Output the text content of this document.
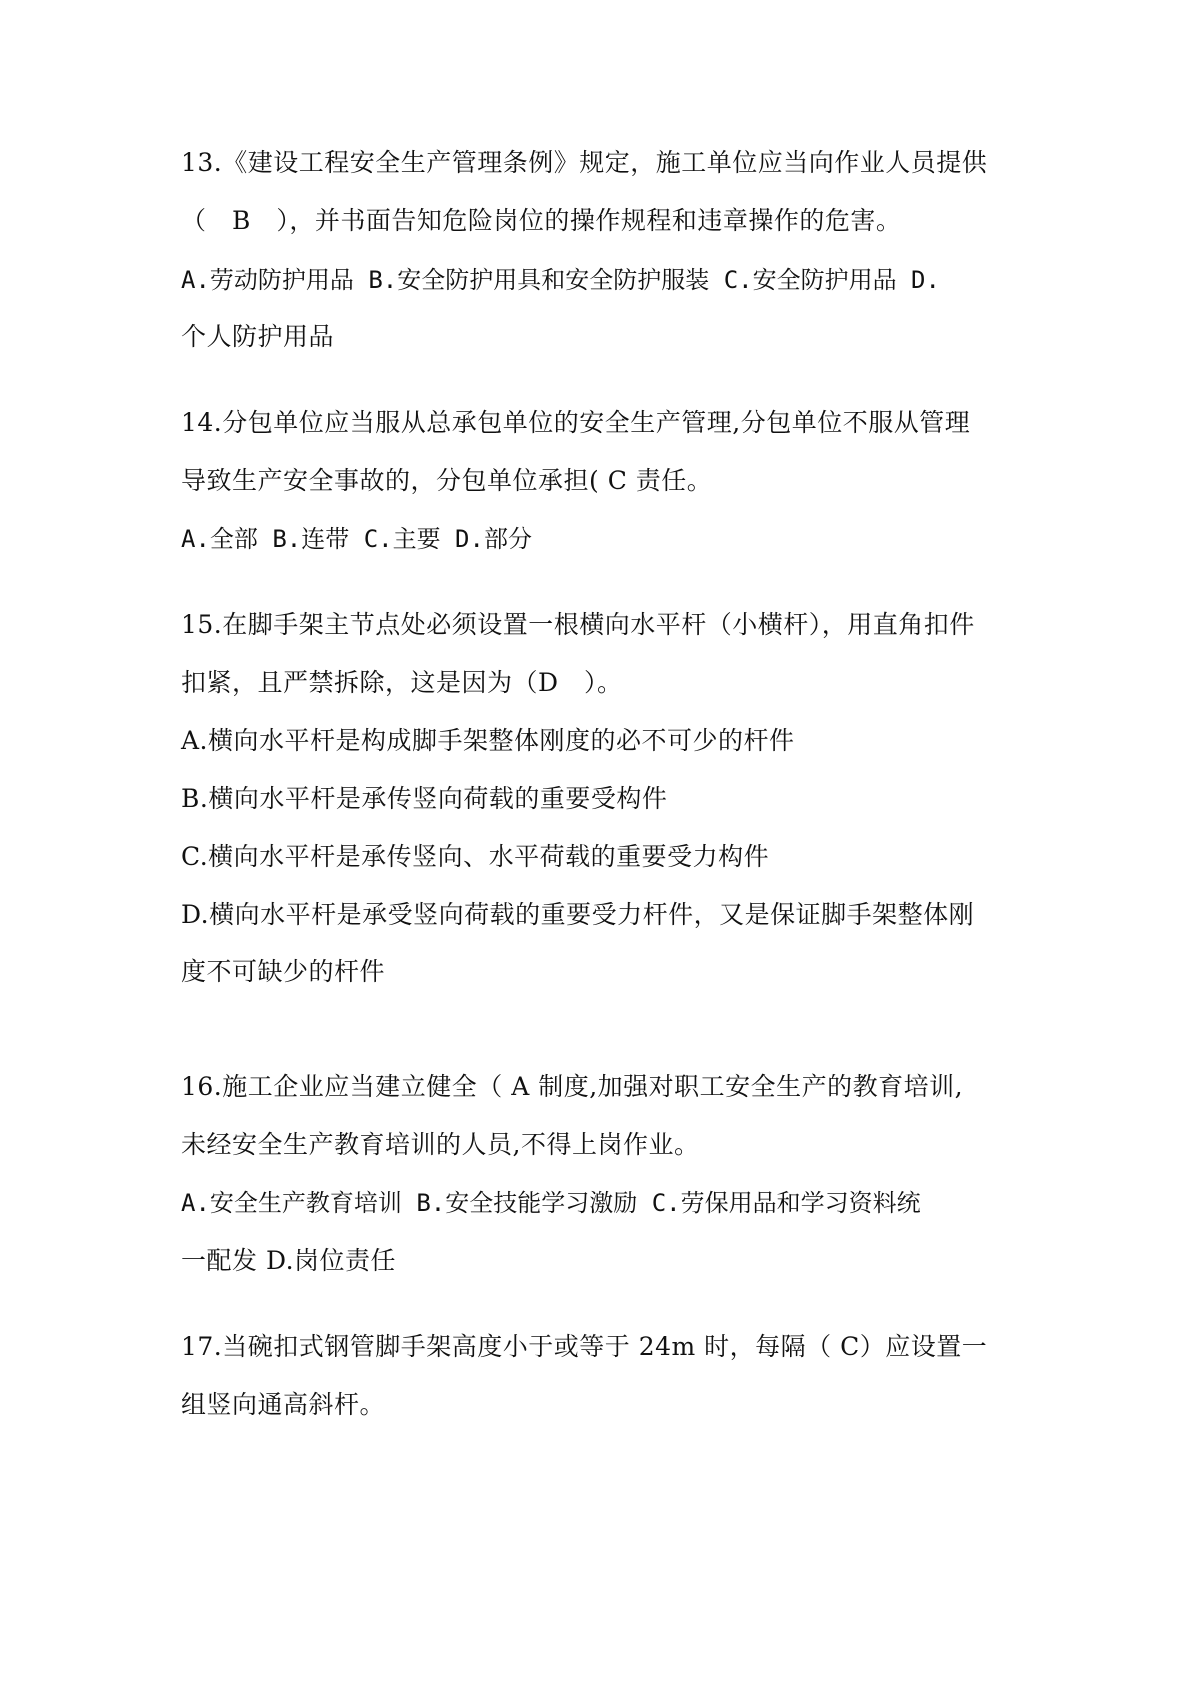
13.《建设工程安全生产管理条例》规定，施工单位应当向作业人员提供
（　B　），并书面告知危险岗位的操作规程和违章操作的危害。
A.劳动防护用品 B.安全防护用具和安全防护服装 C.安全防护用品 D.
个人防护用品
14.分包单位应当服从总承包单位的安全生产管理,分包单位不服从管理
导致生产安全事故的，分包单位承担( C 责任。
A.全部 B.连带 C.主要 D.部分
15.在脚手架主节点处必须设置一根横向水平杆（小横杆），用直角扣件
扣紧，且严禁拆除，这是因为（D　）。
A.横向水平杆是构成脚手架整体刚度的必不可少的杆件
B.横向水平杆是承传竖向荷载的重要受构件
C.横向水平杆是承传竖向、水平荷载的重要受力构件
D.横向水平杆是承受竖向荷载的重要受力杆件，又是保证脚手架整体刚
度不可缺少的杆件
16.施工企业应当建立健全（ A 制度,加强对职工安全生产的教育培训,
未经安全生产教育培训的人员,不得上岗作业。
A.安全生产教育培训 B.安全技能学习激励 C.劳保用品和学习资料统
一配发 D.岗位责任
17.当碗扣式钢管脚手架高度小于或等于 24m 时，每隔（ C）应设置一
组竖向通高斜杆。
